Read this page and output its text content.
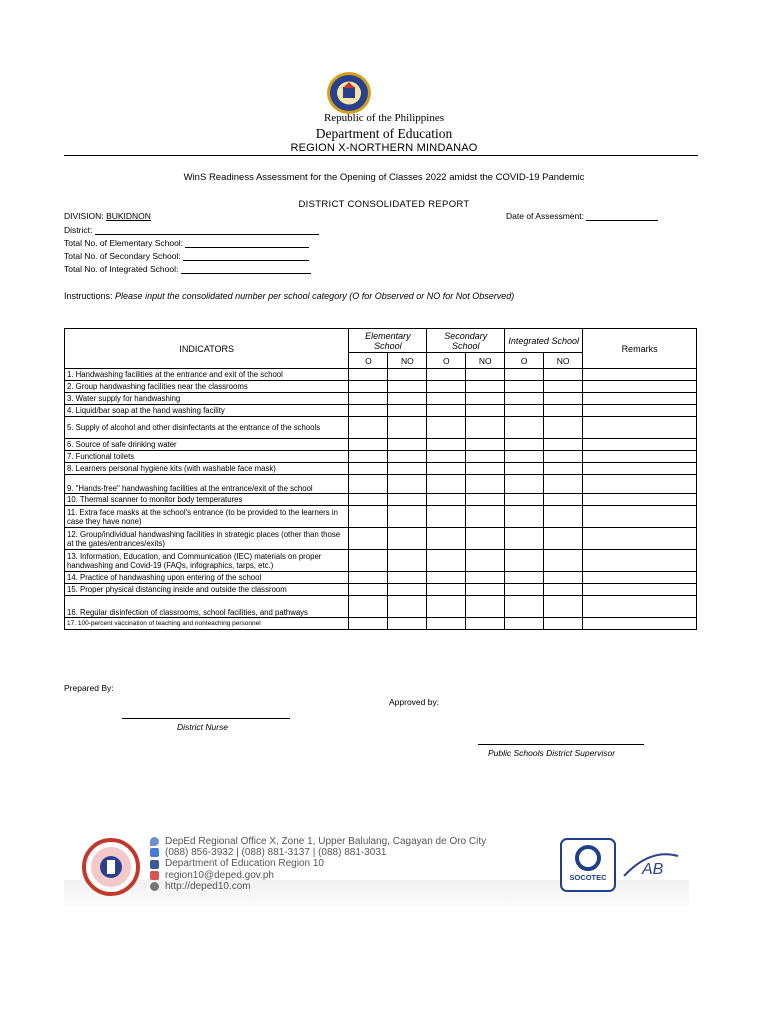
Republic of the Philippines
Department of Education
REGION X-NORTHERN MINDANAO
WinS Readiness Assessment for the Opening of Classes 2022 amidst the COVID-19 Pandemic
DISTRICT CONSOLIDATED REPORT
DIVISION: BUKIDNON	Date of Assessment:
District:
Total No. of Elementary School:
Total No. of Secondary School:
Total No. of Integrated School:
Instructions: Please input the consolidated number per school category (O for Observed or NO for Not Observed)
INDICATORS	Elementary School		Secondary School		Integrated School		Remarks
	O	NO	O	NO	O	NO	
1. Handwashing facilities at the entrance and exit of the school							
2. Group handwashing facilities near the classrooms							
3. Water supply for handwashing							
4. Liquid/bar soap at the hand washing facility							
5. Supply of alcohol and other disinfectants at the entrance of the schools							
6. Source of safe drinking water							
7. Functional toilets							
8. Learners personal hygiene kits (with washable face mask)							
9. "Hands-free" handwashing facilities at the entrance/exit of the school							
10. Thermal scanner to monitor body temperatures							
11. Extra face masks at the school's entrance (to be provided to the learners in case they have none)							
12. Group/individual handwashing facilities in strategic places (other than those at the gates/entrances/exits)							
13. Information, Education, and Communication (IEC) materials on proper handwashing and Covid-19 (FAQs, infographics, tarps, etc.)							
14. Practice of handwashing upon entering of the school							
15. Proper physical distancing inside and outside the classroom							
16. Regular disinfection of classrooms, school facilities, and pathways							
17. 100-percent vaccination of teaching and nonteaching personnel							
Prepared By:
Approved by:
District Nurse
Public Schools District Supervisor
DepEd Regional Office X, Zone 1, Upper Balulang, Cagayan de Oro City
(088) 856-3932 | (088) 881-3137 | (088) 881-3031
Department of Education Region 10
region10@deped.gov.ph
http://deped10.com
SOCOTEC AB
